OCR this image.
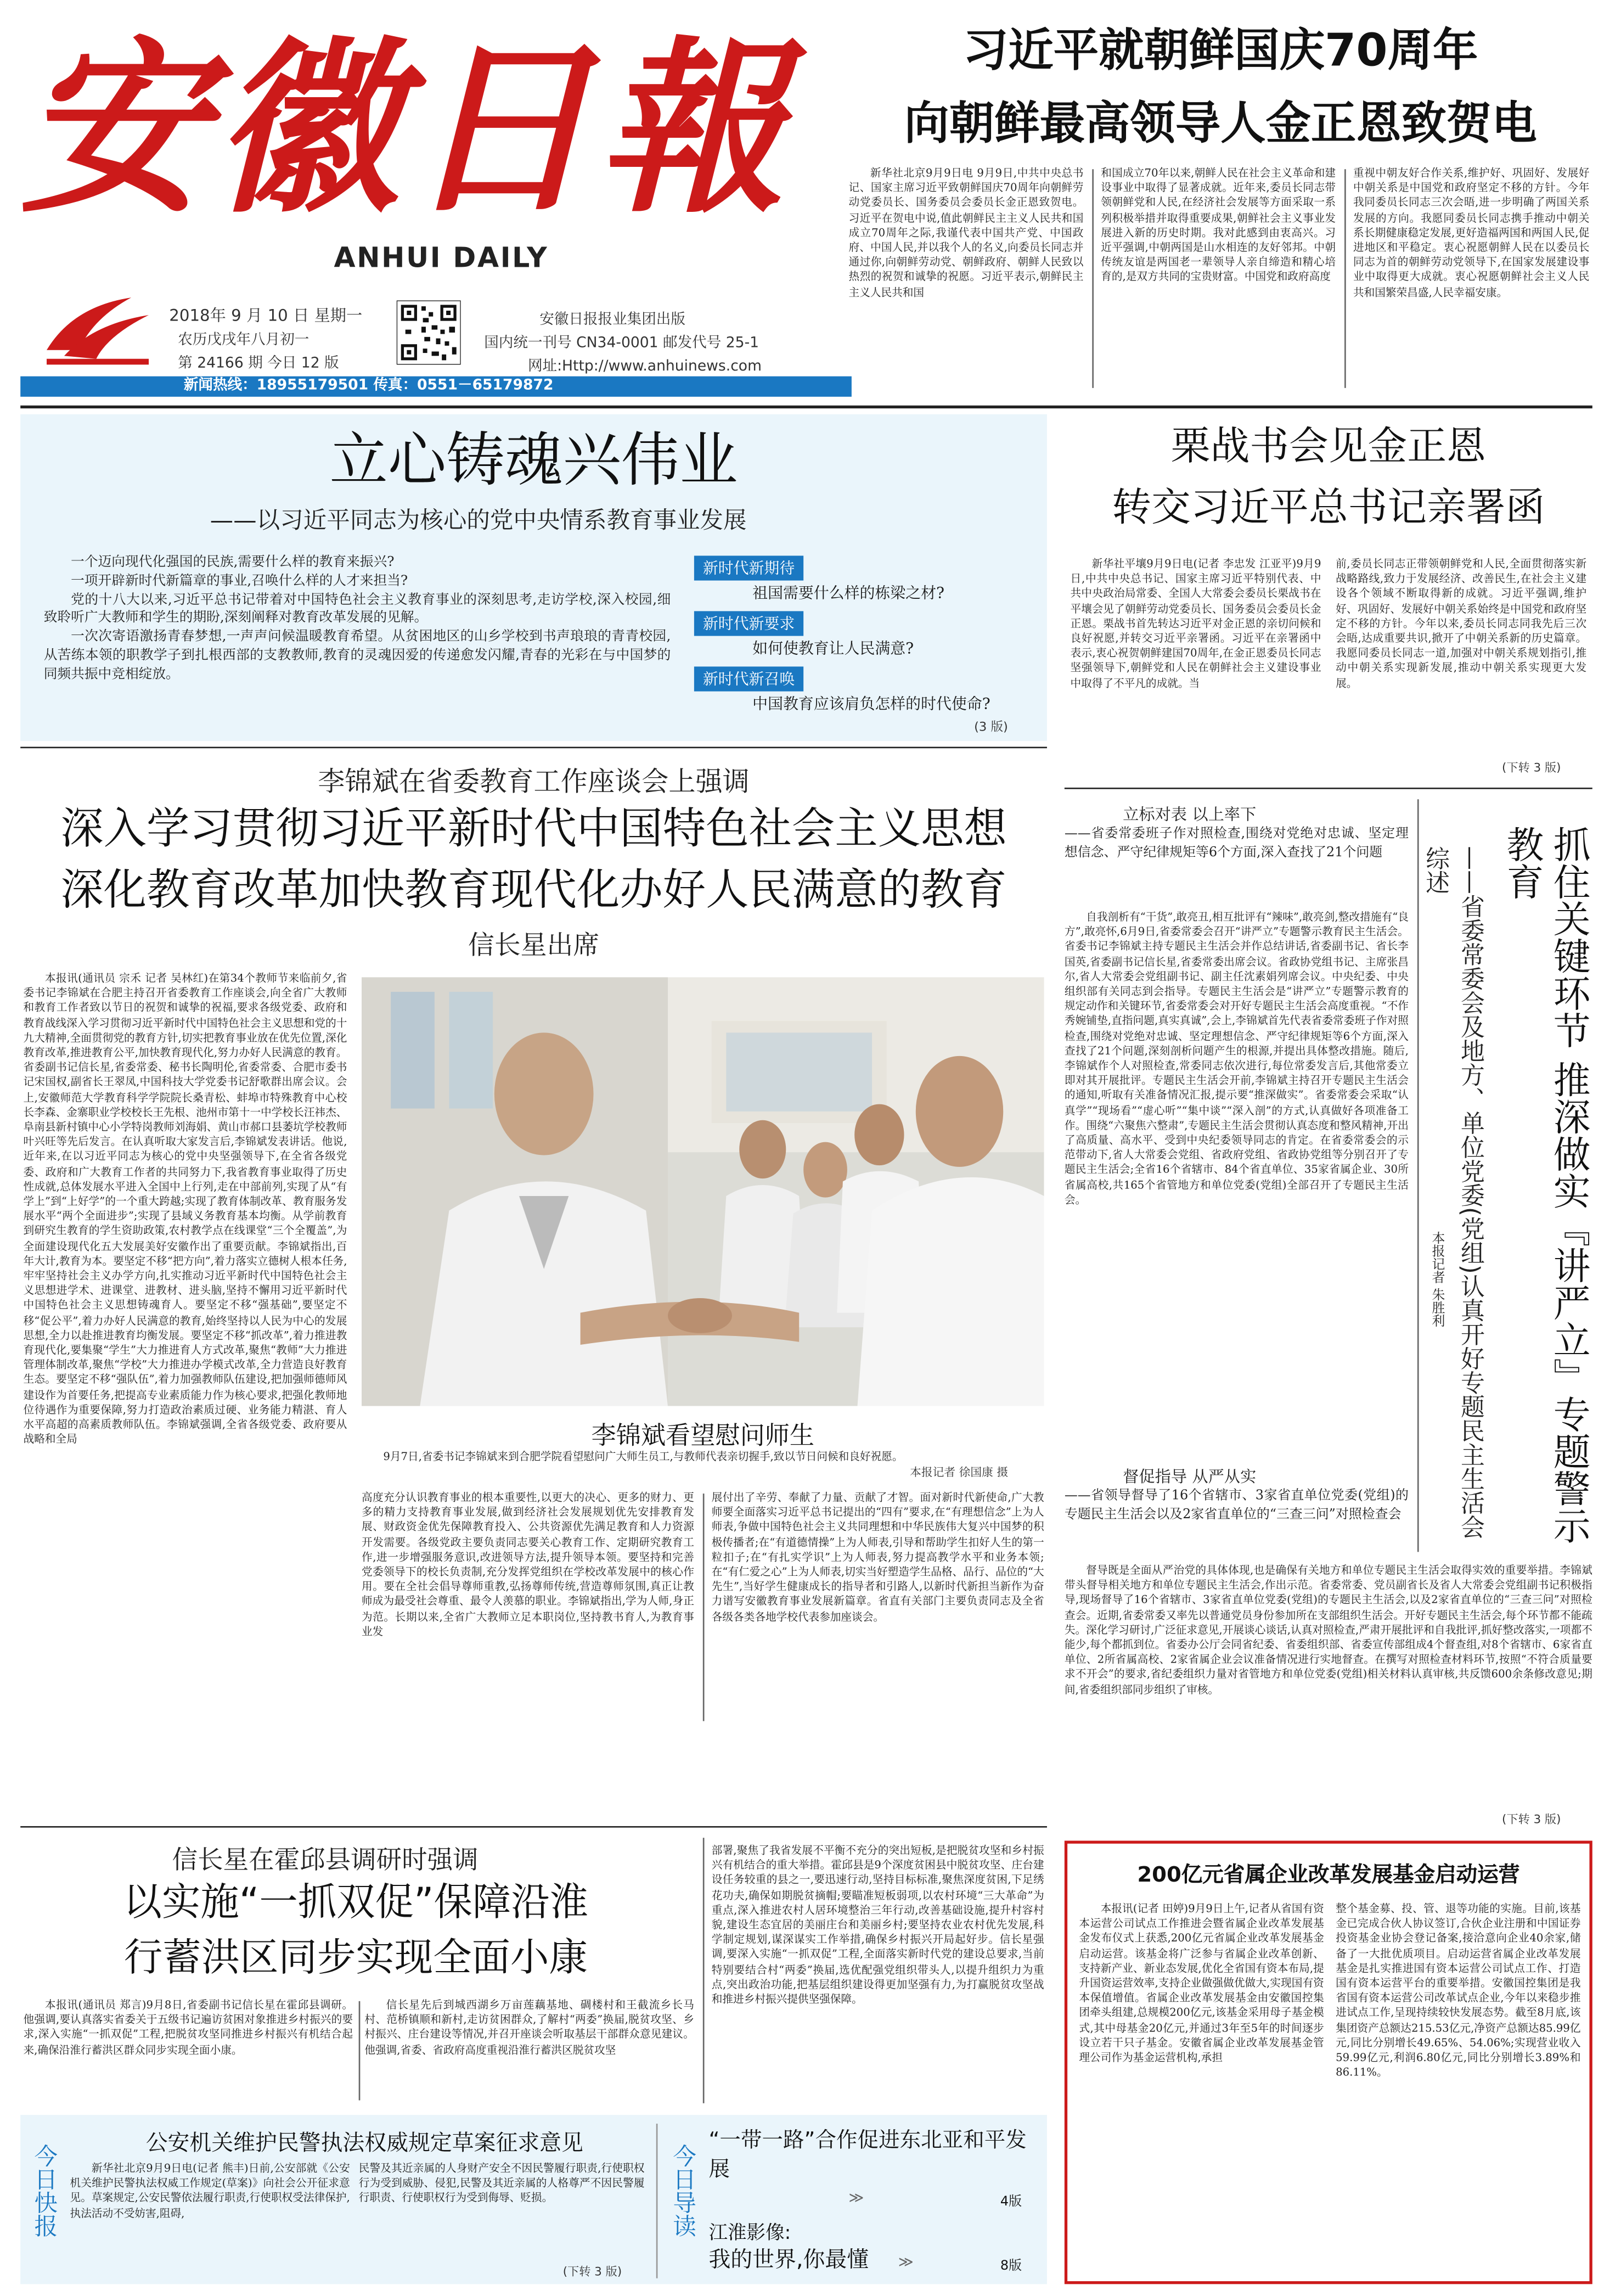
安徽日報
ANHUI DAILY
2018年 9 月 10 日 星期一
农历戊戌年八月初一
第 24166 期 今日 12 版
安徽日报报业集团出版
国内统一刊号 CN34-0001 邮发代号 25-1
网址:Http://www.anhuinews.com
新闻热线：18955179501 传真：0551－65179872
习近平就朝鲜国庆70周年
向朝鲜最高领导人金正恩致贺电

新华社北京9月9日电 9月9日,中共中央总书记、国家主席习近平致朝鲜国庆70周年向朝鲜劳动党委员长、国务委员会委员长金正恩致贺电。习近平在贺电中说,值此朝鲜民主主义人民共和国成立70周年之际,我谨代表中国共产党、中国政府、中国人民,并以我个人的名义,向委员长同志并通过你,向朝鲜劳动党、朝鲜政府、朝鲜人民致以热烈的祝贺和诚挚的祝愿。习近平表示,朝鲜民主主义人民共和国

和国成立70年以来,朝鲜人民在社会主义革命和建设事业中取得了显著成就。近年来,委员长同志带领朝鲜党和人民,在经济社会发展等方面采取一系列积极举措并取得重要成果,朝鲜社会主义事业发展进入新的历史时期。我对此感到由衷高兴。习近平强调,中朝两国是山水相连的友好邻邦。中朝传统友谊是两国老一辈领导人亲自缔造和精心培育的,是双方共同的宝贵财富。中国党和政府高度

重视中朝友好合作关系,维护好、巩固好、发展好中朝关系是中国党和政府坚定不移的方针。今年我同委员长同志三次会晤,进一步明确了两国关系发展的方向。我愿同委员长同志携手推动中朝关系长期健康稳定发展,更好造福两国和两国人民,促进地区和平稳定。衷心祝愿朝鲜人民在以委员长同志为首的朝鲜劳动党领导下,在国家发展建设事业中取得更大成就。衷心祝愿朝鲜社会主义人民共和国繁荣昌盛,人民幸福安康。

立心铸魂兴伟业
——以习近平同志为核心的党中央情系教育事业发展

一个迈向现代化强国的民族,需要什么样的教育来振兴?

一项开辟新时代新篇章的事业,召唤什么样的人才来担当?

党的十八大以来,习近平总书记带着对中国特色社会主义教育事业的深刻思考,走访学校,深入校园,细致聆听广大教师和学生的期盼,深刻阐释对教育改革发展的见解。

一次次寄语激扬青春梦想,一声声问候温暖教育希望。从贫困地区的山乡学校到书声琅琅的青青校园,从苦练本领的职教学子到扎根西部的支教教师,教育的灵魂因爱的传递愈发闪耀,青春的光彩在与中国梦的同频共振中竞相绽放。

新时代新期待
祖国需要什么样的栋梁之材?
新时代新要求
如何使教育让人民满意?
新时代新召唤
中国教育应该肩负怎样的时代使命?
(3 版)
栗战书会见金正恩
转交习近平总书记亲署函

新华社平壤9月9日电(记者 李忠发 江亚平)9月9日,中共中央总书记、国家主席习近平特别代表、中共中央政治局常委、全国人大常委会委员长栗战书在平壤会见了朝鲜劳动党委员长、国务委员会委员长金正恩。栗战书首先转达习近平对金正恩的亲切问候和良好祝愿,并转交习近平亲署函。习近平在亲署函中表示,衷心祝贺朝鲜建国70周年,在金正恩委员长同志坚强领导下,朝鲜党和人民在朝鲜社会主义建设事业中取得了不平凡的成就。当

前,委员长同志正带领朝鲜党和人民,全面贯彻落实新战略路线,致力于发展经济、改善民生,在社会主义建设各个领域不断取得新的成就。习近平强调,维护好、巩固好、发展好中朝关系始终是中国党和政府坚定不移的方针。今年以来,委员长同志同我先后三次会晤,达成重要共识,掀开了中朝关系新的历史篇章。我愿同委员长同志一道,加强对中朝关系规划指引,推动中朝关系实现新发展,推动中朝关系实现更大发展。

(下转 3 版)
李锦斌在省委教育工作座谈会上强调
深入学习贯彻习近平新时代中国特色社会主义思想
深化教育改革加快教育现代化办好人民满意的教育
信长星出席

本报讯(通讯员 宗禾 记者 吴林红)在第34个教师节来临前夕,省委书记李锦斌在合肥主持召开省委教育工作座谈会,向全省广大教师和教育工作者致以节日的祝贺和诚挚的祝福,要求各级党委、政府和教育战线深入学习贯彻习近平新时代中国特色社会主义思想和党的十九大精神,全面贯彻党的教育方针,切实把教育事业放在优先位置,深化教育改革,推进教育公平,加快教育现代化,努力办好人民满意的教育。省委副书记信长星,省委常委、秘书长陶明伦,省委常委、合肥市委书记宋国权,副省长王翠凤,中国科技大学党委书记舒歌群出席会议。会上,安徽师范大学教育科学学院院长桑青松、蚌埠市特殊教育中心校长李森、金寨职业学校校长王先根、池州市第十一中学校长汪祎杰、阜南县新村镇中心小学特岗教师刘海娟、黄山市郝口县萎坑学校教师叶兴旺等先后发言。在认真听取大家发言后,李锦斌发表讲话。他说,近年来,在以习近平同志为核心的党中央坚强领导下,在全省各级党委、政府和广大教育工作者的共同努力下,我省教育事业取得了历史性成就,总体发展水平进入全国中上行列,走在中部前列,实现了从“有学上”到“上好学”的一个重大跨越;实现了教育体制改革、教育服务发展水平“两个全面进步”;实现了县域义务教育基本均衡。从学前教育到研究生教育的学生资助政策,农村教学点在线课堂“三个全覆盖”,为全面建设现代化五大发展美好安徽作出了重要贡献。李锦斌指出,百年大计,教育为本。要坚定不移“把方向”,着力落实立德树人根本任务,牢牢坚持社会主义办学方向,扎实推动习近平新时代中国特色社会主义思想进学术、进课堂、进教材、进头脑,坚持不懈用习近平新时代中国特色社会主义思想铸魂育人。要坚定不移“强基础”,要坚定不移“促公平”,着力办好人民满意的教育,始终坚持以人民为中心的发展思想,全力以赴推进教育均衡发展。要坚定不移“抓改革”,着力推进教育现代化,要集聚“学生”大力推进育人方式改革,聚焦“教师”大力推进管理体制改革,聚焦“学校”大力推进办学模式改革,全力营造良好教育生态。要坚定不移“强队伍”,着力加强教师队伍建设,把加强师德师风建设作为首要任务,把提高专业素质能力作为核心要求,把强化教师地位待遇作为重要保障,努力打造政治素质过硬、业务能力精湛、育人水平高超的高素质教师队伍。李锦斌强调,全省各级党委、政府要从战略和全局	李锦斌看望慰问师生

9月7日,省委书记李锦斌来到合肥学院看望慰问广大师生员工,与教师代表亲切握手,致以节日问候和良好祝愿。

本报记者 徐国康 摄

高度充分认识教育事业的根本重要性,以更大的决心、更多的财力、更多的精力支持教育事业发展,做到经济社会发展规划优先安排教育发展、财政资金优先保障教育投入、公共资源优先满足教育和人力资源开发需要。各级党政主要负责同志要关心教育工作、定期研究教育工作,进一步增强服务意识,改进领导方法,提升领导本领。要坚持和完善党委领导下的校长负责制,充分发挥党组织在学校改革发展中的核心作用。要在全社会倡导尊师重教,弘扬尊师传统,营造尊师氛围,真正让教师成为最受社会尊重、最令人羡慕的职业。李锦斌指出,学为人师,身正为范。长期以来,全省广大教师立足本职岗位,坚持教书育人,为教育事业发

展付出了辛劳、奉献了力量、贡献了才智。面对新时代新使命,广大教师要全面落实习近平总书记提出的“四有”要求,在“有理想信念”上为人师表,争做中国特色社会主义共同理想和中华民族伟大复兴中国梦的积极传播者;在“有道德情操”上为人师表,引导和帮助学生扣好人生的第一粒扣子;在“有扎实学识”上为人师表,努力提高教学水平和业务本领;在“有仁爱之心”上为人师表,切实当好塑造学生品格、品行、品位的“大先生”,当好学生健康成长的指导者和引路人,以新时代新担当新作为奋力谱写安徽教育事业发展新篇章。省直有关部门主要负责同志及全省各级各类各地学校代表参加座谈会。

立标对表 以上率下

——省委常委班子作对照检查,围绕对党绝对忠诚、坚定理想信念、严守纪律规矩等6个方面,深入查找了21个问题

自我剖析有“干货”,敢亮丑,相互批评有“辣味”,敢亮剑,整改措施有“良方”,敢亮怀,6月9日,省委常委会召开“讲严立”专题警示教育民主生活会。省委书记李锦斌主持专题民主生活会并作总结讲话,省委副书记、省长李国英,省委副书记信长星,省委常委出席会议。省政协党组书记、主席张昌尔,省人大常委会党组副书记、副主任沈素娟列席会议。中央纪委、中央组织部有关同志到会指导。专题民主生活会是“讲严立”专题警示教育的规定动作和关键环节,省委常委会对开好专题民主生活会高度重视。“不作秀婉铺垫,直指问题,真实真诚”,会上,李锦斌首先代表省委常委班子作对照检查,围绕对党绝对忠诚、坚定理想信念、严守纪律规矩等6个方面,深入查找了21个问题,深刻剖析问题产生的根源,并提出具体整改措施。随后,李锦斌作个人对照检查,常委同志依次进行,每位常委发言后,其他常委立即对其开展批评。专题民主生活会开前,李锦斌主持召开专题民主生活会的通知,听取有关准备情况汇报,提示要“推深做实”。省委常委会采取“认真学”“现场看”“虚心听”“集中谈”“深入剖”的方式,认真做好各项准备工作。围绕“六聚焦六整肃”,专题民主生活会贯彻认真态度和整风精神,开出了高质量、高水平、受到中央纪委领导同志的肯定。在省委常委会的示范带动下,省人大常委会党组、省政府党组、省政协党组等分别召开了专题民主生活会;全省16个省辖市、84个省直单位、35家省属企业、30所省属高校,共165个省管地方和单位党委(党组)全部召开了专题民主生活会。

督促指导 从严从实

——省领导督导了16个省辖市、3家省直单位党委(党组)的专题民主生活会以及2家省直单位的“三查三问”对照检查会

督导既是全面从严治党的具体体现,也是确保有关地方和单位专题民主生活会取得实效的重要举措。李锦斌带头督导相关地方和单位专题民主生活会,作出示范。省委常委、党员副省长及省人大常委会党组副书记积极指导,现场督导了16个省辖市、3家省直单位党委(党组)的专题民主生活会,以及2家省直单位的“三查三问”对照检查会。近期,省委常委又率先以普通党员身份参加所在支部组织生活会。开好专题民主生活会,每个环节都不能疏失。深化学习研讨,广泛征求意见,开展谈心谈话,认真对照检查,严肃开展批评和自我批评,抓好整改落实,一项都不能少,每个都抓到位。省委办公厅会同省纪委、省委组织部、省委宣传部组成4个督查组,对8个省辖市、6家省直单位、2所省属高校、2家省属企业会议准备情况进行实地督查。在撰写对照检查材料环节,按照“不符合质量要求不开会”的要求,省纪委组织力量对省管地方和单位党委(党组)相关材料认真审核,共反馈600余条修改意见;期间,省委组织部同步组织了审核。

(下转 3 版)
本报记者 朱胜利	——省委常委会及地方、单位党委(党组)认真开好专题民主生活会综述	抓住关键环节 推深做实『讲严立』专题警示教育
信长星在霍邱县调研时强调
以实施“一抓双促”保障沿淮
行蓄洪区同步实现全面小康

本报讯(通讯员 郑言)9月8日,省委副书记信长星在霍邱县调研。他强调,要认真落实省委关于五级书记遍访贫困对象推进乡村振兴的要求,深入实施“一抓双促”工程,把脱贫攻坚同推进乡村振兴有机结合起来,确保沿淮行蓄洪区群众同步实现全面小康。

信长星先后到城西湖乡万亩莲藕基地、碉楼村和王截流乡长马村、范桥镇顺和新村,走访贫困群众,了解村“两委”换届,脱贫攻坚、乡村振兴、庄台建设等情况,并召开座谈会听取基层干部群众意见建议。他强调,省委、省政府高度重视沿淮行蓄洪区脱贫攻坚

部署,聚焦了我省发展不平衡不充分的突出短板,是把脱贫攻坚和乡村振兴有机结合的重大举措。霍邱县是9个深度贫困县中脱贫攻坚、庄台建设任务较重的县之一,要迅速行动,坚持目标标准,聚焦深度贫困,下足绣花功夫,确保如期脱贫摘帽;要瞄准短板弱项,以农村环境“三大革命”为重点,深入推进农村人居环境整治三年行动,改善基础设施,提升村容村貌,建设生态宜居的美丽庄台和美丽乡村;要坚持农业农村优先发展,科学制定规划,谋深谋实工作举措,确保乡村振兴开局起好步。信长星强调,要深入实施“一抓双促”工程,全面落实新时代党的建设总要求,当前特别要结合村“两委”换届,选优配强党组织带头人,以提升组织力为重点,突出政治功能,把基层组织建设得更加坚强有力,为打赢脱贫攻坚战和推进乡村振兴提供坚强保障。

200亿元省属企业改革发展基金启动运营

本报讯(记者 田婷)9月9日上午,记者从省国有资本运营公司试点工作推进会暨省属企业改革发展基金发布仪式上获悉,200亿元省属企业改革发展基金启动运营。该基金将广泛参与省属企业改革创新、支持新产业、新业态发展,优化全省国有资本布局,提升国资运营效率,支持企业做强做优做大,实现国有资本保值增值。省属企业改革发展基金由安徽国控集团牵头组建,总规模200亿元,该基金采用母子基金模式,其中母基金20亿元,并通过3年至5年的时间逐步设立若干只子基金。安徽省属企业改革发展基金管理公司作为基金运营机构,承担

整个基金募、投、管、退等功能的实施。目前,该基金已完成合伙人协议签订,合伙企业注册和中国证券投资基金业协会登记备案,接洽意向企业40余家,储备了一大批优质项目。启动运营省属企业改革发展基金是扎实推进国有资本运营公司试点工作、打造国有资本运营平台的重要举措。安徽国控集团是我省国有资本运营公司改革试点企业,今年以来稳步推进试点工作,呈现持续较快发展态势。截至8月底,该集团资产总额达215.53亿元,净资产总额达85.99亿元,同比分别增长49.65%、54.06%;实现营业收入59.99亿元,利润6.80亿元,同比分别增长3.89%和86.11%。

今日快报
公安机关维护民警执法权威规定草案征求意见

新华社北京9月9日电(记者 熊丰)日前,公安部就《公安机关维护民警执法权威工作规定(草案)》向社会公开征求意见。草案规定,公安民警依法履行职责,行使职权受法律保护,执法活动不受妨害,阻碍,

民警及其近亲属的人身财产安全不因民警履行职责,行使职权行为受到威胁、侵犯,民警及其近亲属的人格尊严不因民警履行职责、行使职权行为受到侮辱、贬损。

(下转 3 版)
今日导读
“一带一路”合作促进东北亚和平发展
≫	4版
江淮影像:
我的世界,你最懂	≫	8版
